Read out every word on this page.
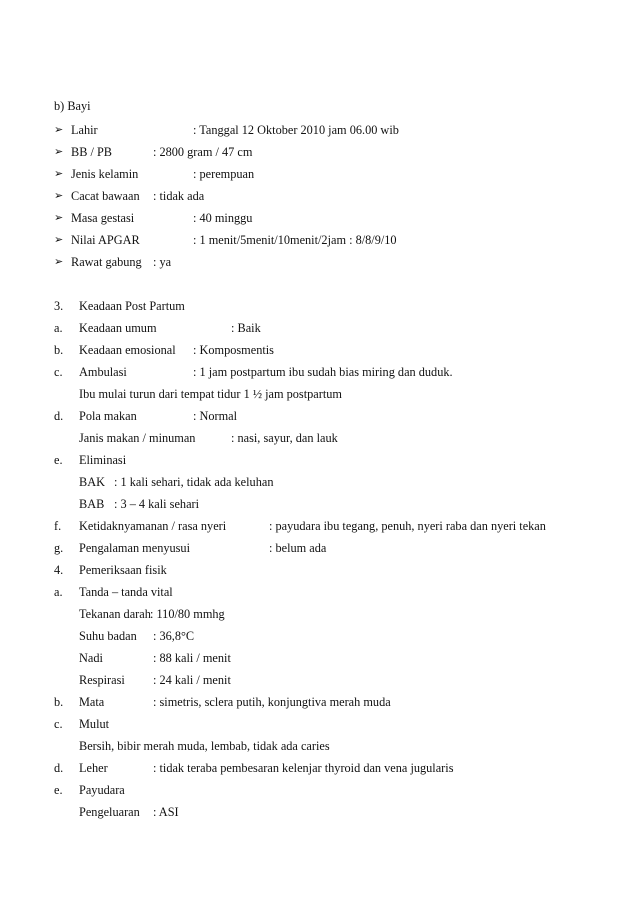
b) Bayi
➢ Lahir	: Tanggal 12 Oktober 2010 jam 06.00 wib
➢ BB / PB	: 2800 gram / 47 cm
➢ Jenis kelamin	: perempuan
➢ Cacat bawaan : tidak ada
➢ Masa gestasi	: 40 minggu
➢ Nilai APGAR	: 1 menit/5menit/10menit/2jam : 8/8/9/10
➢ Rawat gabung : ya
3. Keadaan Post Partum
a. Keadaan umum	: Baik
b. Keadaan emosional : Komposmentis
c. Ambulasi	: 1 jam postpartum ibu sudah bias miring dan duduk.
Ibu mulai turun dari tempat tidur 1 ½ jam postpartum
d. Pola makan	: Normal
Janis makan / minuman	: nasi, sayur, dan lauk
e. Eliminasi
BAK : 1 kali sehari, tidak ada keluhan
BAB : 3 – 4 kali sehari
f. Ketidaknyamanan / rasa nyeri	: payudara ibu tegang, penuh, nyeri raba dan nyeri tekan
g. Pengalaman menyusui	: belum ada
4. Pemeriksaan fisik
a. Tanda – tanda vital
Tekanan darah : 110/80 mmhg
Suhu badan : 36,8°C
Nadi	: 88 kali / menit
Respirasi : 24 kali / menit
b. Mata	: simetris, sclera putih, konjungtiva merah muda
c. Mulut
Bersih, bibir merah muda, lembab, tidak ada caries
d. Leher	: tidak teraba pembesaran kelenjar thyroid dan vena jugularis
e. Payudara
Pengeluaran : ASI
